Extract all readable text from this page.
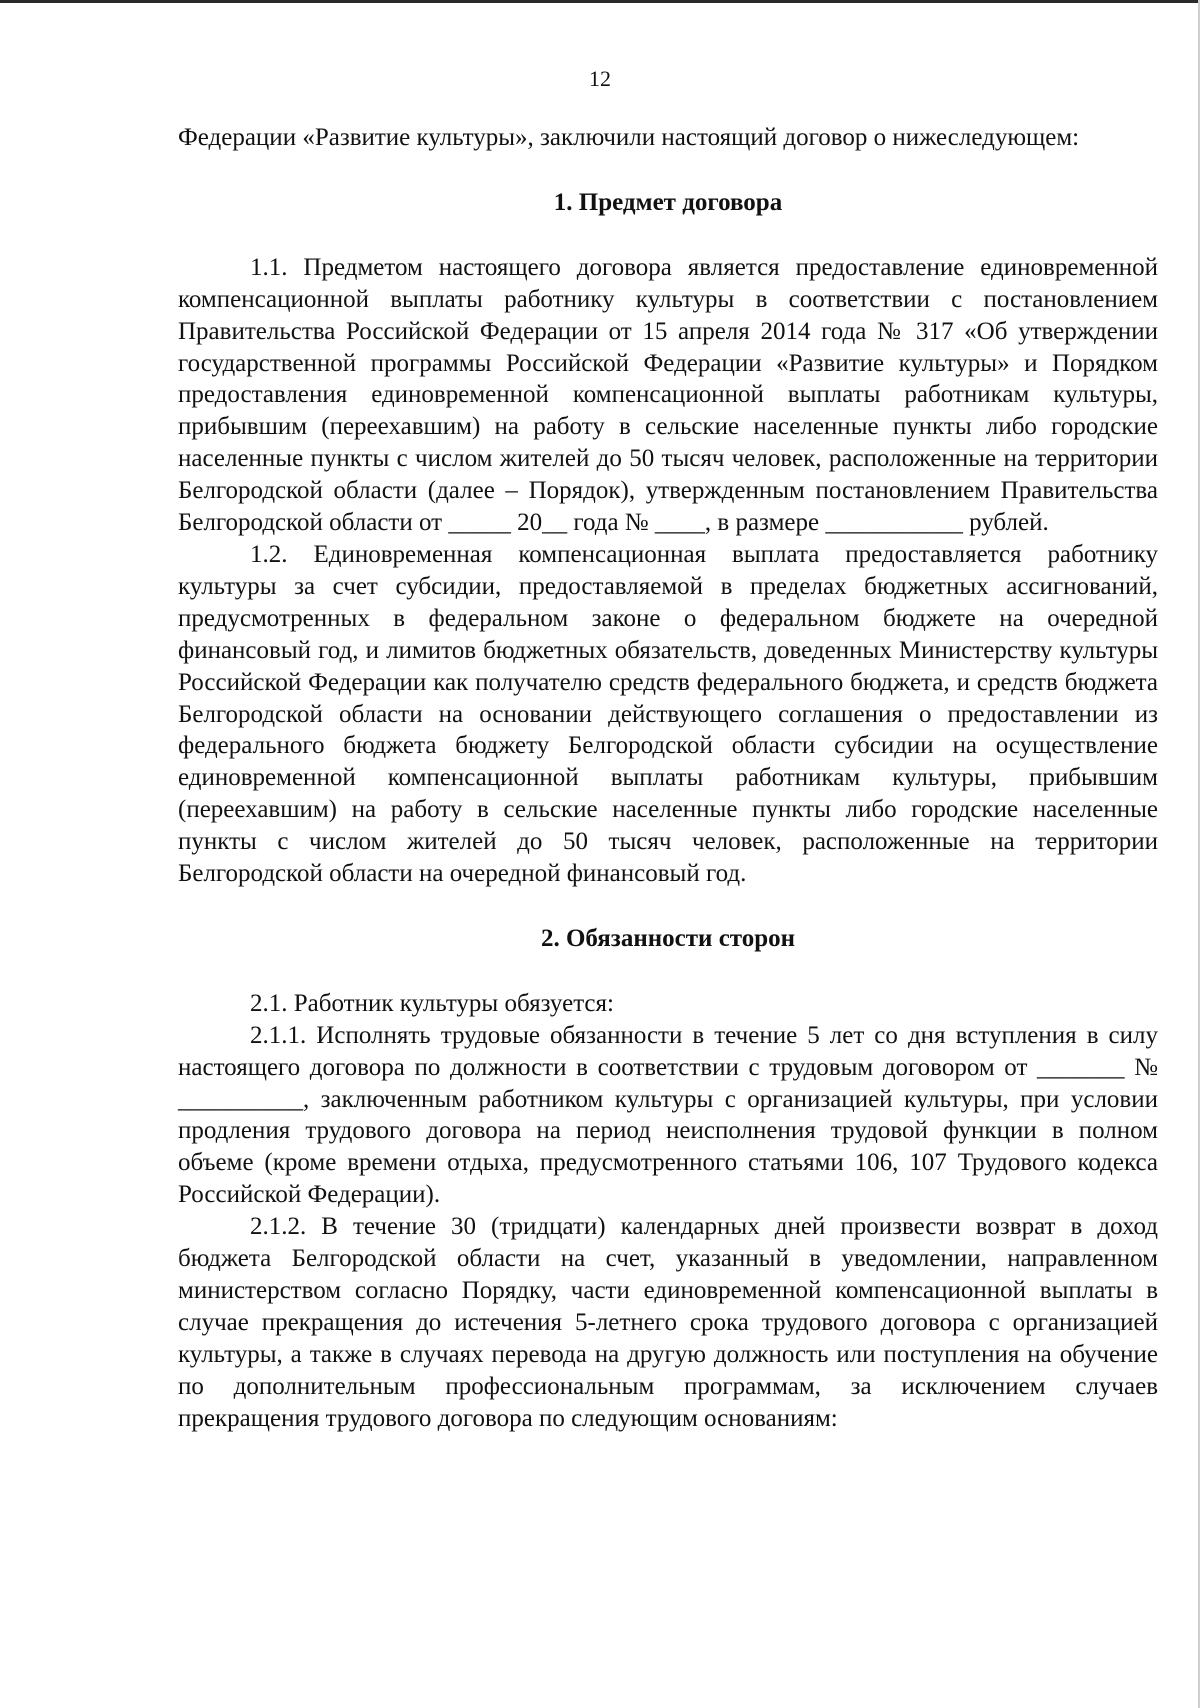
12

Федерации «Развитие культуры», заключили настоящий договор о нижеследующем:

1. Предмет договора

1.1. Предметом настоящего договора является предоставление единовременной компенсационной выплаты работнику культуры в соответствии с постановлением Правительства Российской Федерации от 15 апреля 2014 года № 317 «Об утверждении государственной программы Российской Федерации «Развитие культуры» и Порядком предоставления единовременной компенсационной выплаты работникам культуры, прибывшим (переехавшим) на работу в сельские населенные пункты либо городские населенные пункты с числом жителей до 50 тысяч человек, расположенные на территории Белгородской области (далее – Порядок), утвержденным постановлением Правительства Белгородской области от _____ 20__ года № ____, в размере ___________ рублей.

1.2. Единовременная компенсационная выплата предоставляется работнику культуры за счет субсидии, предоставляемой в пределах бюджетных ассигнований, предусмотренных в федеральном законе о федеральном бюджете на очередной финансовый год, и лимитов бюджетных обязательств, доведенных Министерству культуры Российской Федерации как получателю средств федерального бюджета, и средств бюджета Белгородской области на основании действующего соглашения о предоставлении из федерального бюджета бюджету Белгородской области субсидии на осуществление единовременной компенсационной выплаты работникам культуры, прибывшим (переехавшим) на работу в сельские населенные пункты либо городские населенные пункты с числом жителей до 50 тысяч человек, расположенные на территории Белгородской области на очередной финансовый год.

2. Обязанности сторон

2.1. Работник культуры обязуется:

2.1.1. Исполнять трудовые обязанности в течение 5 лет со дня вступления в силу настоящего договора по должности в соответствии с трудовым договором от _______ № __________, заключенным работником культуры с организацией культуры, при условии продления трудового договора на период неисполнения трудовой функции в полном объеме (кроме времени отдыха, предусмотренного статьями 106, 107 Трудового кодекса Российской Федерации).

2.1.2. В течение 30 (тридцати) календарных дней произвести возврат в доход бюджета Белгородской области на счет, указанный в уведомлении, направленном министерством согласно Порядку, части единовременной компенсационной выплаты в случае прекращения до истечения 5-летнего срока трудового договора с организацией культуры, а также в случаях перевода на другую должность или поступления на обучение по дополнительным профессиональным программам, за исключением случаев прекращения трудового договора по следующим основаниям:
